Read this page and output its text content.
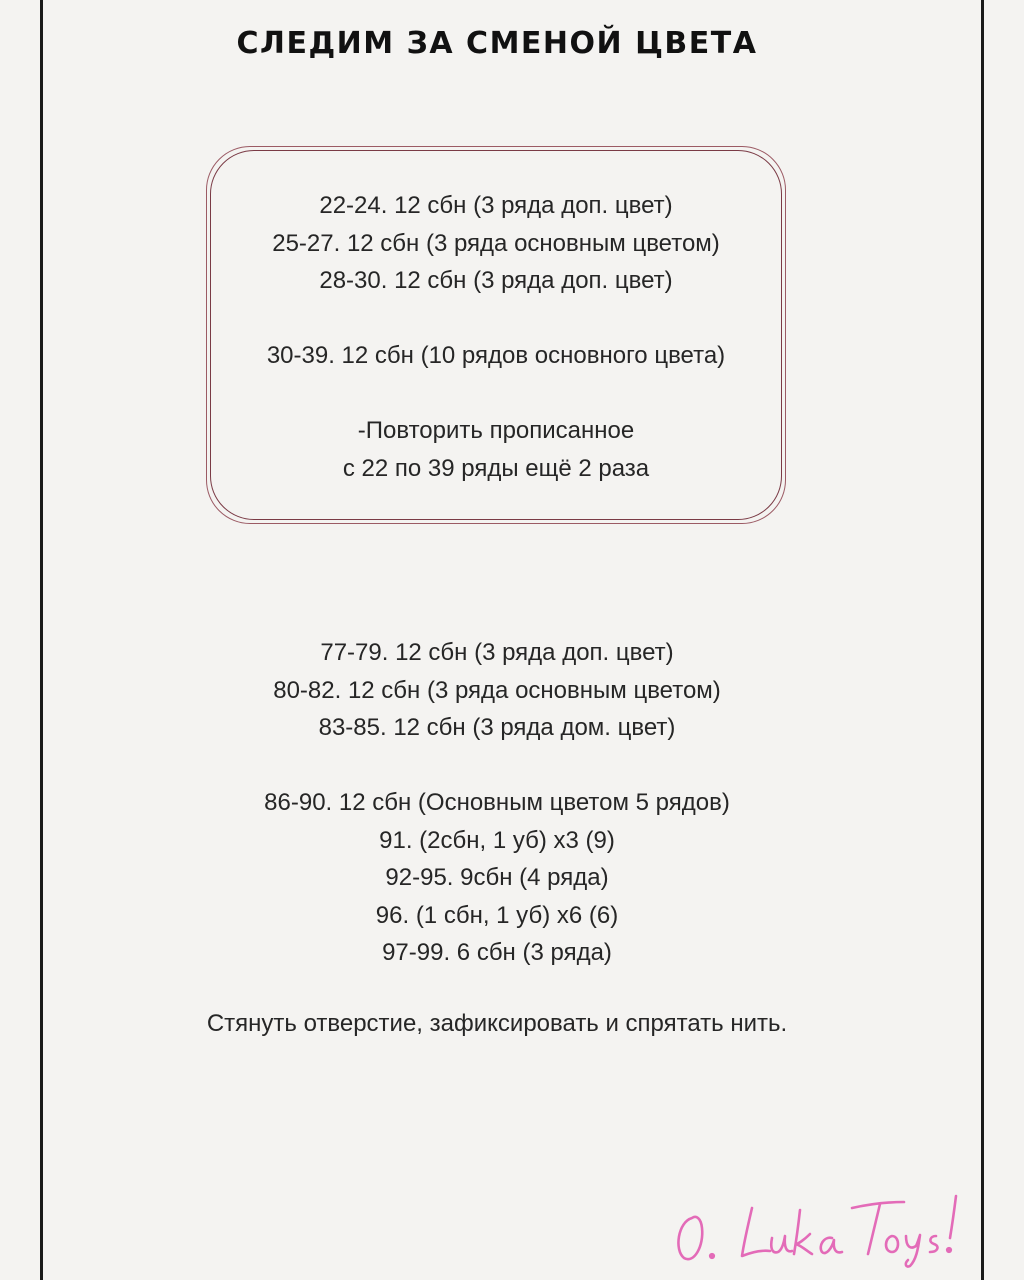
СЛЕДИМ ЗА СМЕНОЙ ЦВЕТА
22-24. 12 сбн (3 ряда доп. цвет)
25-27. 12 сбн (3 ряда основным цветом)
28-30. 12 сбн (3 ряда доп. цвет)
30-39. 12 сбн (10 рядов основного цвета)
-Повторить прописанное
с 22 по 39 ряды ещё 2 раза
77-79. 12 сбн (3 ряда доп. цвет)
80-82. 12 сбн (3 ряда основным цветом)
83-85. 12 сбн (3 ряда дом. цвет)
86-90. 12 сбн (Основным цветом 5 рядов)
91. (2сбн, 1 уб) х3 (9)
92-95. 9сбн (4 ряда)
96. (1 сбн, 1 уб) х6 (6)
97-99. 6 сбн (3 ряда)
Стянуть отверстие, зафиксировать и спрятать нить.
